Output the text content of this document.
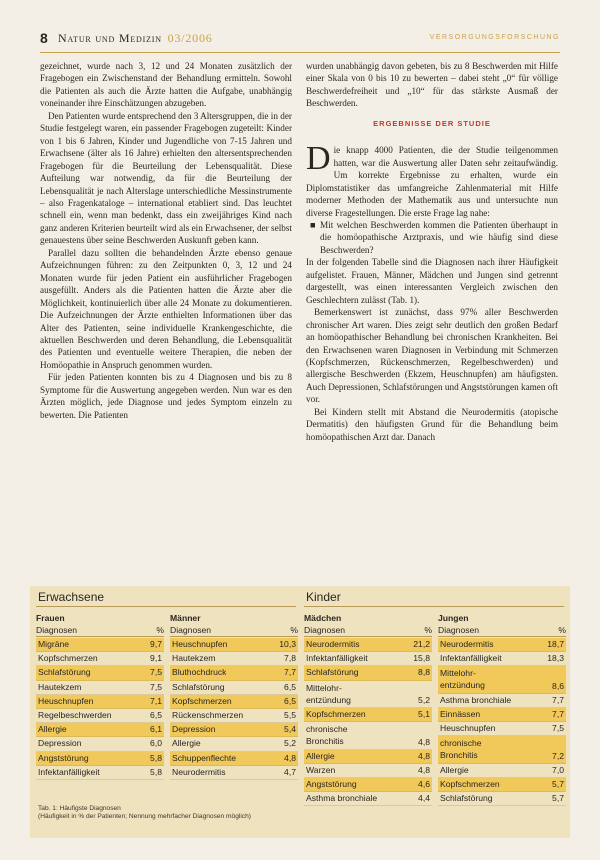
8 Natur und Medizin 03/2006	VERSORGUNGSFORSCHUNG

gezeichnet, wurde nach 3, 12 und 24 Monaten zusätzlich der Fragebogen ein Zwischenstand der Behandlung ermitteln. Sowohl die Patienten als auch die Ärzte hatten die Aufgabe, unabhängig voneinander ihre Einschätzungen abzugeben.

Den Patienten wurde entsprechend den 3 Altersgruppen, die in der Studie festgelegt waren, ein passender Fragebogen zugeteilt: Kinder von 1 bis 6 Jahren, Kinder und Jugendliche von 7-15 Jahren und Erwachsene (älter als 16 Jahre) erhielten den altersentsprechenden Fragebogen für die Beurteilung der Lebensqualität. Diese Aufteilung war notwendig, da für die Beurteilung der Lebensqualität je nach Alterslage unterschiedliche Messinstrumente – also Fragenkataloge – international etabliert sind. Das leuchtet schnell ein, wenn man bedenkt, dass ein zweijähriges Kind nach ganz anderen Kriterien beurteilt wird als ein Erwachsener, der selbst genauestens über seine Beschwerden Auskunft geben kann.

Parallel dazu sollten die behandelnden Ärzte ebenso genaue Aufzeichnungen führen: zu den Zeitpunkten 0, 3, 12 und 24 Monaten wurde für jeden Patient ein ausführlicher Fragebogen ausgefüllt. Anders als die Patienten hatten die Ärzte aber die Möglichkeit, kontinuierlich über alle 24 Monate zu dokumentieren. Die Aufzeichnungen der Ärzte enthielten Informationen über das Alter des Patienten, seine individuelle Krankengeschichte, die aktuellen Beschwerden und deren Behandlung, die Lebensqualität des Patienten und eventuelle weitere Therapien, die neben der Homöopathie in Anspruch genommen wurden.

Für jeden Patienten konnten bis zu 4 Diagnosen und bis zu 8 Symptome für die Auswertung angegeben werden. Nun war es den Ärzten möglich, jede Diagnose und jedes Symptom einzeln zu bewerten. Die Patienten

wurden unabhängig davon gebeten, bis zu 8 Beschwerden mit Hilfe einer Skala von 0 bis 10 zu bewerten – dabei steht „0“ für völlige Beschwerdefreiheit und „10“ für das stärkste Ausmaß der Beschwerden.

ERGEBNISSE DER STUDIE

Die knapp 4000 Patienten, die der Studie teilgenommen hatten, war die Auswertung aller Daten sehr zeitaufwändig. Um korrekte Ergebnisse zu erhalten, wurde ein Diplomstatistiker das umfangreiche Zahlenmaterial mit Hilfe moderner Methoden der Mathematik aus und untersuchte nun diverse Fragestellungen. Die erste Frage lag nahe:

■ Mit welchen Beschwerden kommen die Patienten überhaupt in die homöopathische Arztpraxis, und wie häufig sind diese Beschwerden?

In der folgenden Tabelle sind die Diagnosen nach ihrer Häufigkeit aufgelistet. Frauen, Männer, Mädchen und Jungen sind getrennt dargestellt, was einen interessanten Vergleich zwischen den Geschlechtern zulässt (Tab. 1).

Bemerkenswert ist zunächst, dass 97% aller Beschwerden chronischer Art waren. Dies zeigt sehr deutlich den großen Bedarf an homöopathischer Behandlung bei chronischen Krankheiten. Bei den Erwachsenen waren Diagnosen in Verbindung mit Schmerzen (Kopfschmerzen, Rückenschmerzen, Regelbeschwerden) und allergische Beschwerden (Ekzem, Heuschnupfen) am häufigsten. Auch Depressionen, Schlafstörungen und Angststörungen kamen oft vor.

Bei Kindern stellt mit Abstand die Neurodermitis (atopische Dermatitis) den häufigsten Grund für die Behandlung beim homöopathischen Arzt dar. Danach

Erwachsene	Kinder
Frauen
Diagnosen	%
Migräne	9,7
Kopfschmerzen	9,1
Schlafstörung	7,5
Hautekzem	7,5
Heuschnupfen	7,1
Regelbeschwerden	6,5
Allergie	6,1
Depression	6,0
Angststörung	5,8
Infektanfälligkeit	5,8
Männer
Diagnosen	%
Heuschnupfen	10,3
Hautekzem	7,8
Bluthochdruck	7,7
Schlafstörung	6,5
Kopfschmerzen	6,5
Rückenschmerzen	5,5
Depression	5,4
Allergie	5,2
Schuppenflechte	4,8
Neurodermitis	4,7
Mädchen
Diagnosen	%
Neurodermitis	21,2
Infektanfälligkeit	15,8
Schlafstörung	8,8
Mittelohr-
entzündung	5,2
Kopfschmerzen	5,1
chronische
Bronchitis	4,8
Allergie	4,8
Warzen	4,8
Angststörung	4,6
Asthma bronchiale	4,4
Jungen
Diagnosen	%
Neurodermitis	18,7
Infektanfälligkeit	18,3
Mittelohr-
entzündung	8,6
Asthma bronchiale	7,7
Einnässen	7,7
Heuschnupfen	7,5
chronische
Bronchitis	7,2
Allergie	7,0
Kopfschmerzen	5,7
Schlafstörung	5,7
Tab. 1: Häufigste Diagnosen
(Häufigkeit in % der Patienten; Nennung mehrfacher Diagnosen möglich)
